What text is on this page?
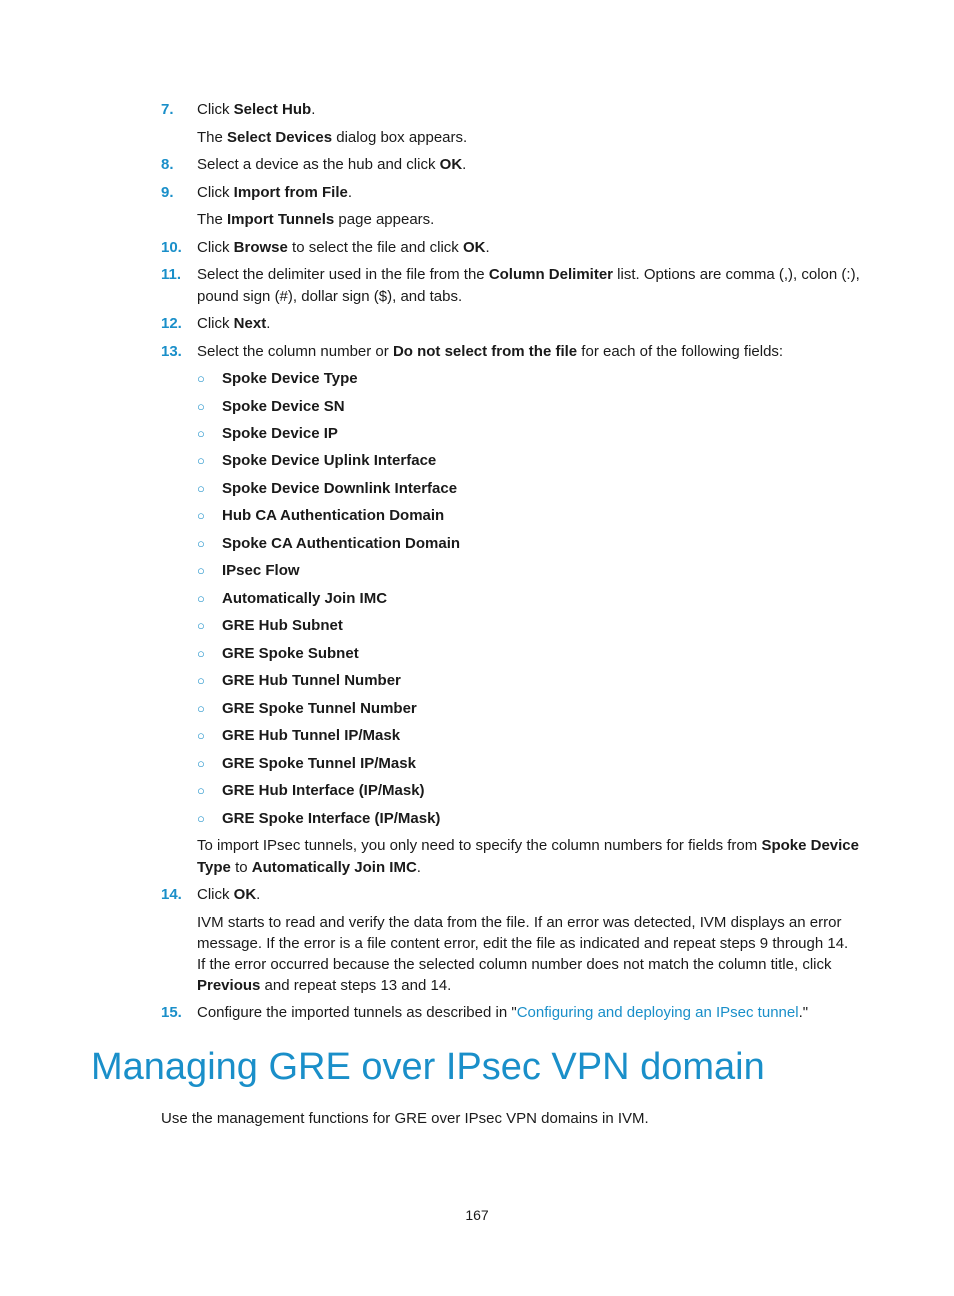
7. Click Select Hub.
The Select Devices dialog box appears.
8. Select a device as the hub and click OK.
9. Click Import from File.
The Import Tunnels page appears.
10. Click Browse to select the file and click OK.
11. Select the delimiter used in the file from the Column Delimiter list. Options are comma (,), colon (:),
pound sign (#), dollar sign ($), and tabs.
12. Click Next.
13. Select the column number or Do not select from the file for each of the following fields:
○ Spoke Device Type
○ Spoke Device SN
○ Spoke Device IP
○ Spoke Device Uplink Interface
○ Spoke Device Downlink Interface
○ Hub CA Authentication Domain
○ Spoke CA Authentication Domain
○ IPsec Flow
○ Automatically Join IMC
○ GRE Hub Subnet
○ GRE Spoke Subnet
○ GRE Hub Tunnel Number
○ GRE Spoke Tunnel Number
○ GRE Hub Tunnel IP/Mask
○ GRE Spoke Tunnel IP/Mask
○ GRE Hub Interface (IP/Mask)
○ GRE Spoke Interface (IP/Mask)
To import IPsec tunnels, you only need to specify the column numbers for fields from Spoke Device
Type to Automatically Join IMC.
14. Click OK.
IVM starts to read and verify the data from the file. If an error was detected, IVM displays an error
message. If the error is a file content error, edit the file as indicated and repeat steps 9 through 14.
If the error occurred because the selected column number does not match the column title, click
Previous and repeat steps 13 and 14.
15. Configure the imported tunnels as described in "Configuring and deploying an IPsec tunnel."
Managing GRE over IPsec VPN domain
Use the management functions for GRE over IPsec VPN domains in IVM.
167
